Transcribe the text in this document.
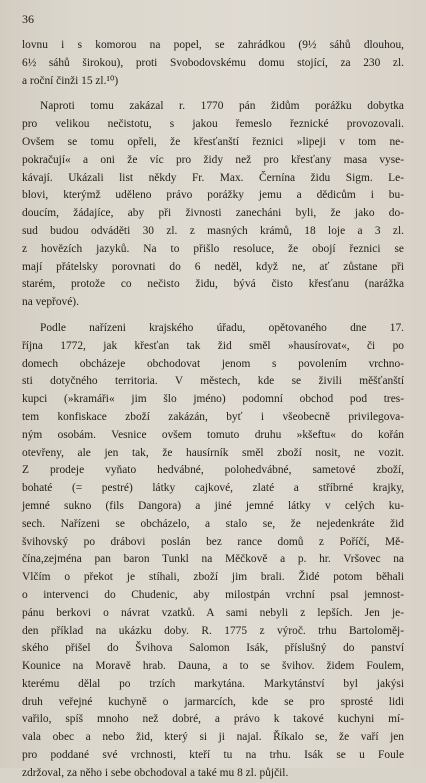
36
lovnu i s komorou na popel, se zahrádkou (9½ sáhů dlouhou,
6½ sáhů širokou), proti Svobodovskému domu stojící, za 230 zl.
a roční činži 15 zl.¹⁰)
Naproti tomu zakázal r. 1770 pán židům porážku dobytka
pro velikou nečistotu, s jakou řemeslo řeznické provozovali.
Ovšem se tomu opřeli, že křesťanští řeznici »lipeji v tom ne-
pokračují« a oni že víc pro židy než pro křesťany masa vyse-
kávají. Ukázali list někdy Fr. Max. Černína židu Sigm. Le-
blovi, kterýmž uděleno právo porážky jemu a dědicům i bu-
doucím, žádajíce, aby při živnosti zanecháni byli, že jako do-
sud budou odváděti 30 zl. z masných krámů, 18 loje a 3 zl.
z hovězích jazyků. Na to přišlo resoluce, že obojí řeznici se
mají přátelsky porovnati do 6 neděl, když ne, ať zůstane při
starém, protože co nečisto židu, bývá čisto křesťanu (narážka
na vepřové).
Podle nařízeni krajského úřadu, opětovaného dne 17.
října 1772, jak křesťan tak žid směl »hausírovat«, či po
domech obcházeje obchodovat jenom s povolením vrchno-
sti dotyčného territoria. V městech, kde se živili měšťanští
kupci (»kramáři« jim šlo jméno) podomní obchod pod tres-
tem konfiskace zboží zakázán, byť i všeobecně privilegova-
ným osobám. Vesnice ovšem tomuto druhu »kšeftu« do kořán
otevřeny, ale jen tak, že hausírník směl zboží nosit, ne vozit.
Z prodeje vyňato hedvábné, polohedvábné, sametové zboží,
bohaté (= pestré) látky cajkové, zlaté a stříbrné krajky,
jemné sukno (fils Dangora) a jiné jemné látky v celých ku-
sech. Nařízeni se obcházelo, a stalo se, že nejedenkráte žid
švihovský po drábovi poslán bez rance domů z Poříčí, Mě-
čína,zejména pan baron Tunkl na Měčkově a p. hr. Vršovec na
Vlčím o překot je stíhali, zboží jim brali. Židé potom běhali
o intervenci do Chudenic, aby milostpán vrchní psal jemnost-
pánu berkovi o návrat vzatků. A sami nebyli z lepších. Jen je-
den příklad na ukázku doby. R. 1775 z výroč. trhu Bartoloměj-
ského přišel do Švihova Salomon Isák, příslušný do panství
Kounice na Moravě hrab. Dauna, a to se švihov. židem Foulem,
kterému dělal po trzích markytána. Markytánství byl jakýsi
druh veřejné kuchyně o jarmarcích, kde se pro sprosté lidi
vařilo, spíš mnoho než dobré, a právo k takové kuchyni mí-
vala obec a nebo žid, který si ji najal. Říkalo se, že vaří jen
pro poddané své vrchnosti, kteří tu na trhu. Isák se u Foule
zdržoval, za něho i sebe obchodoval a také mu 8 zl. půjčil.
